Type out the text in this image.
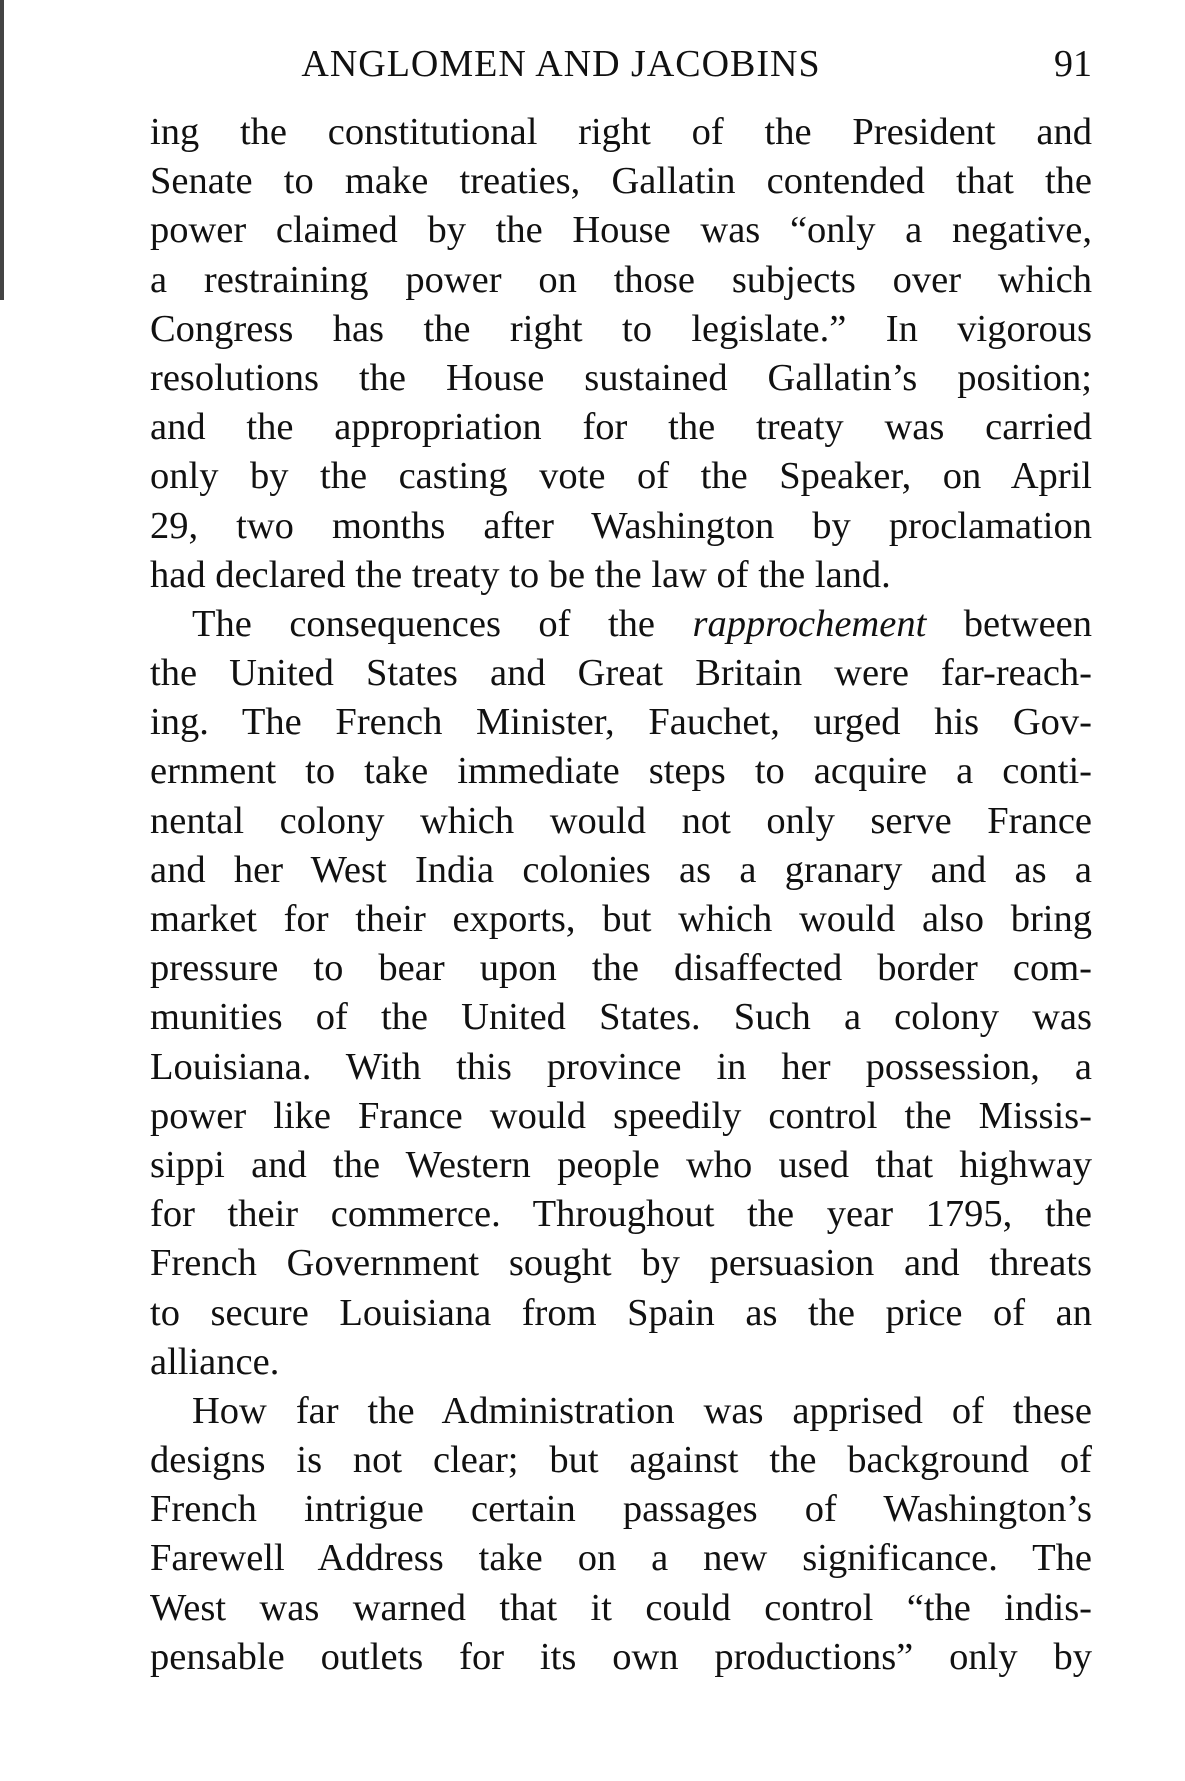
ANGLOMEN AND JACOBINS	91
ing the constitutional right of the President and
Senate to make treaties, Gallatin contended that the
power claimed by the House was “only a negative,
a restraining power on those subjects over which
Congress has the right to legislate.” In vigorous
resolutions the House sustained Gallatin’s position;
and the appropriation for the treaty was carried
only by the casting vote of the Speaker, on April
29, two months after Washington by proclamation
had declared the treaty to be the law of the land.
The consequences of the rapprochement between
the United States and Great Britain were far-reach-
ing. The French Minister, Fauchet, urged his Gov-
ernment to take immediate steps to acquire a conti-
nental colony which would not only serve France
and her West India colonies as a granary and as a
market for their exports, but which would also bring
pressure to bear upon the disaffected border com-
munities of the United States. Such a colony was
Louisiana. With this province in her possession, a
power like France would speedily control the Missis-
sippi and the Western people who used that highway
for their commerce. Throughout the year 1795, the
French Government sought by persuasion and threats
to secure Louisiana from Spain as the price of an
alliance.
How far the Administration was apprised of these
designs is not clear; but against the background of
French intrigue certain passages of Washington’s
Farewell Address take on a new significance. The
West was warned that it could control “the indis-
pensable outlets for its own productions” only by
